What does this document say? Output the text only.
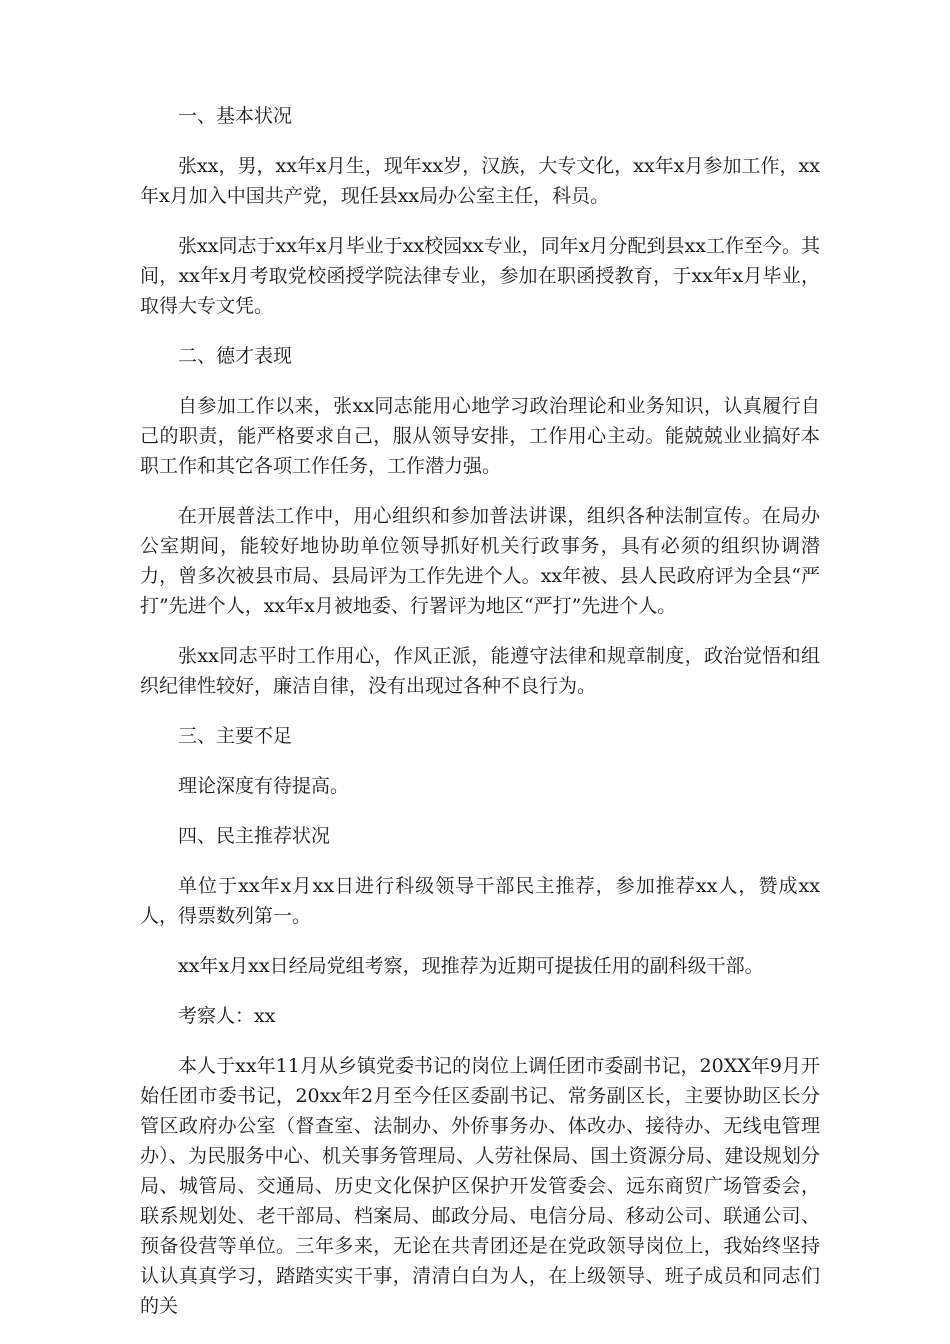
一、基本状况

张xx，男，xx年x月生，现年xx岁，汉族，大专文化，xx年x月参加工作，xx年x月加入中国共产党，现任县xx局办公室主任，科员。

张xx同志于xx年x月毕业于xx校园xx专业，同年x月分配到县xx工作至今。其间，xx年x月考取党校函授学院法律专业，参加在职函授教育，于xx年x月毕业，取得大专文凭。

二、德才表现

自参加工作以来，张xx同志能用心地学习政治理论和业务知识，认真履行自己的职责，能严格要求自己，服从领导安排，工作用心主动。能兢兢业业搞好本职工作和其它各项工作任务，工作潜力强。

在开展普法工作中，用心组织和参加普法讲课，组织各种法制宣传。在局办公室期间，能较好地协助单位领导抓好机关行政事务，具有必须的组织协调潜力，曾多次被县市局、县局评为工作先进个人。xx年被、县人民政府评为全县“严打”先进个人，xx年x月被地委、行署评为地区“严打”先进个人。

张xx同志平时工作用心，作风正派，能遵守法律和规章制度，政治觉悟和组织纪律性较好，廉洁自律，没有出现过各种不良行为。

三、主要不足

理论深度有待提高。

四、民主推荐状况

单位于xx年x月xx日进行科级领导干部民主推荐，参加推荐xx人，赞成xx人，得票数列第一。

xx年x月xx日经局党组考察，现推荐为近期可提拔任用的副科级干部。

考察人：xx

本人于xx年11月从乡镇党委书记的岗位上调任团市委副书记，20XX年9月开始任团市委书记，20xx年2月至今任区委副书记、常务副区长，主要协助区长分管区政府办公室（督查室、法制办、外侨事务办、体改办、接待办、无线电管理办）、为民服务中心、机关事务管理局、人劳社保局、国土资源分局、建设规划分局、城管局、交通局、历史文化保护区保护开发管委会、远东商贸广场管委会，联系规划处、老干部局、档案局、邮政分局、电信分局、移动公司、联通公司、预备役营等单位。三年多来，无论在共青团还是在党政领导岗位上，我始终坚持认认真真学习，踏踏实实干事，清清白白为人，在上级领导、班子成员和同志们的关
